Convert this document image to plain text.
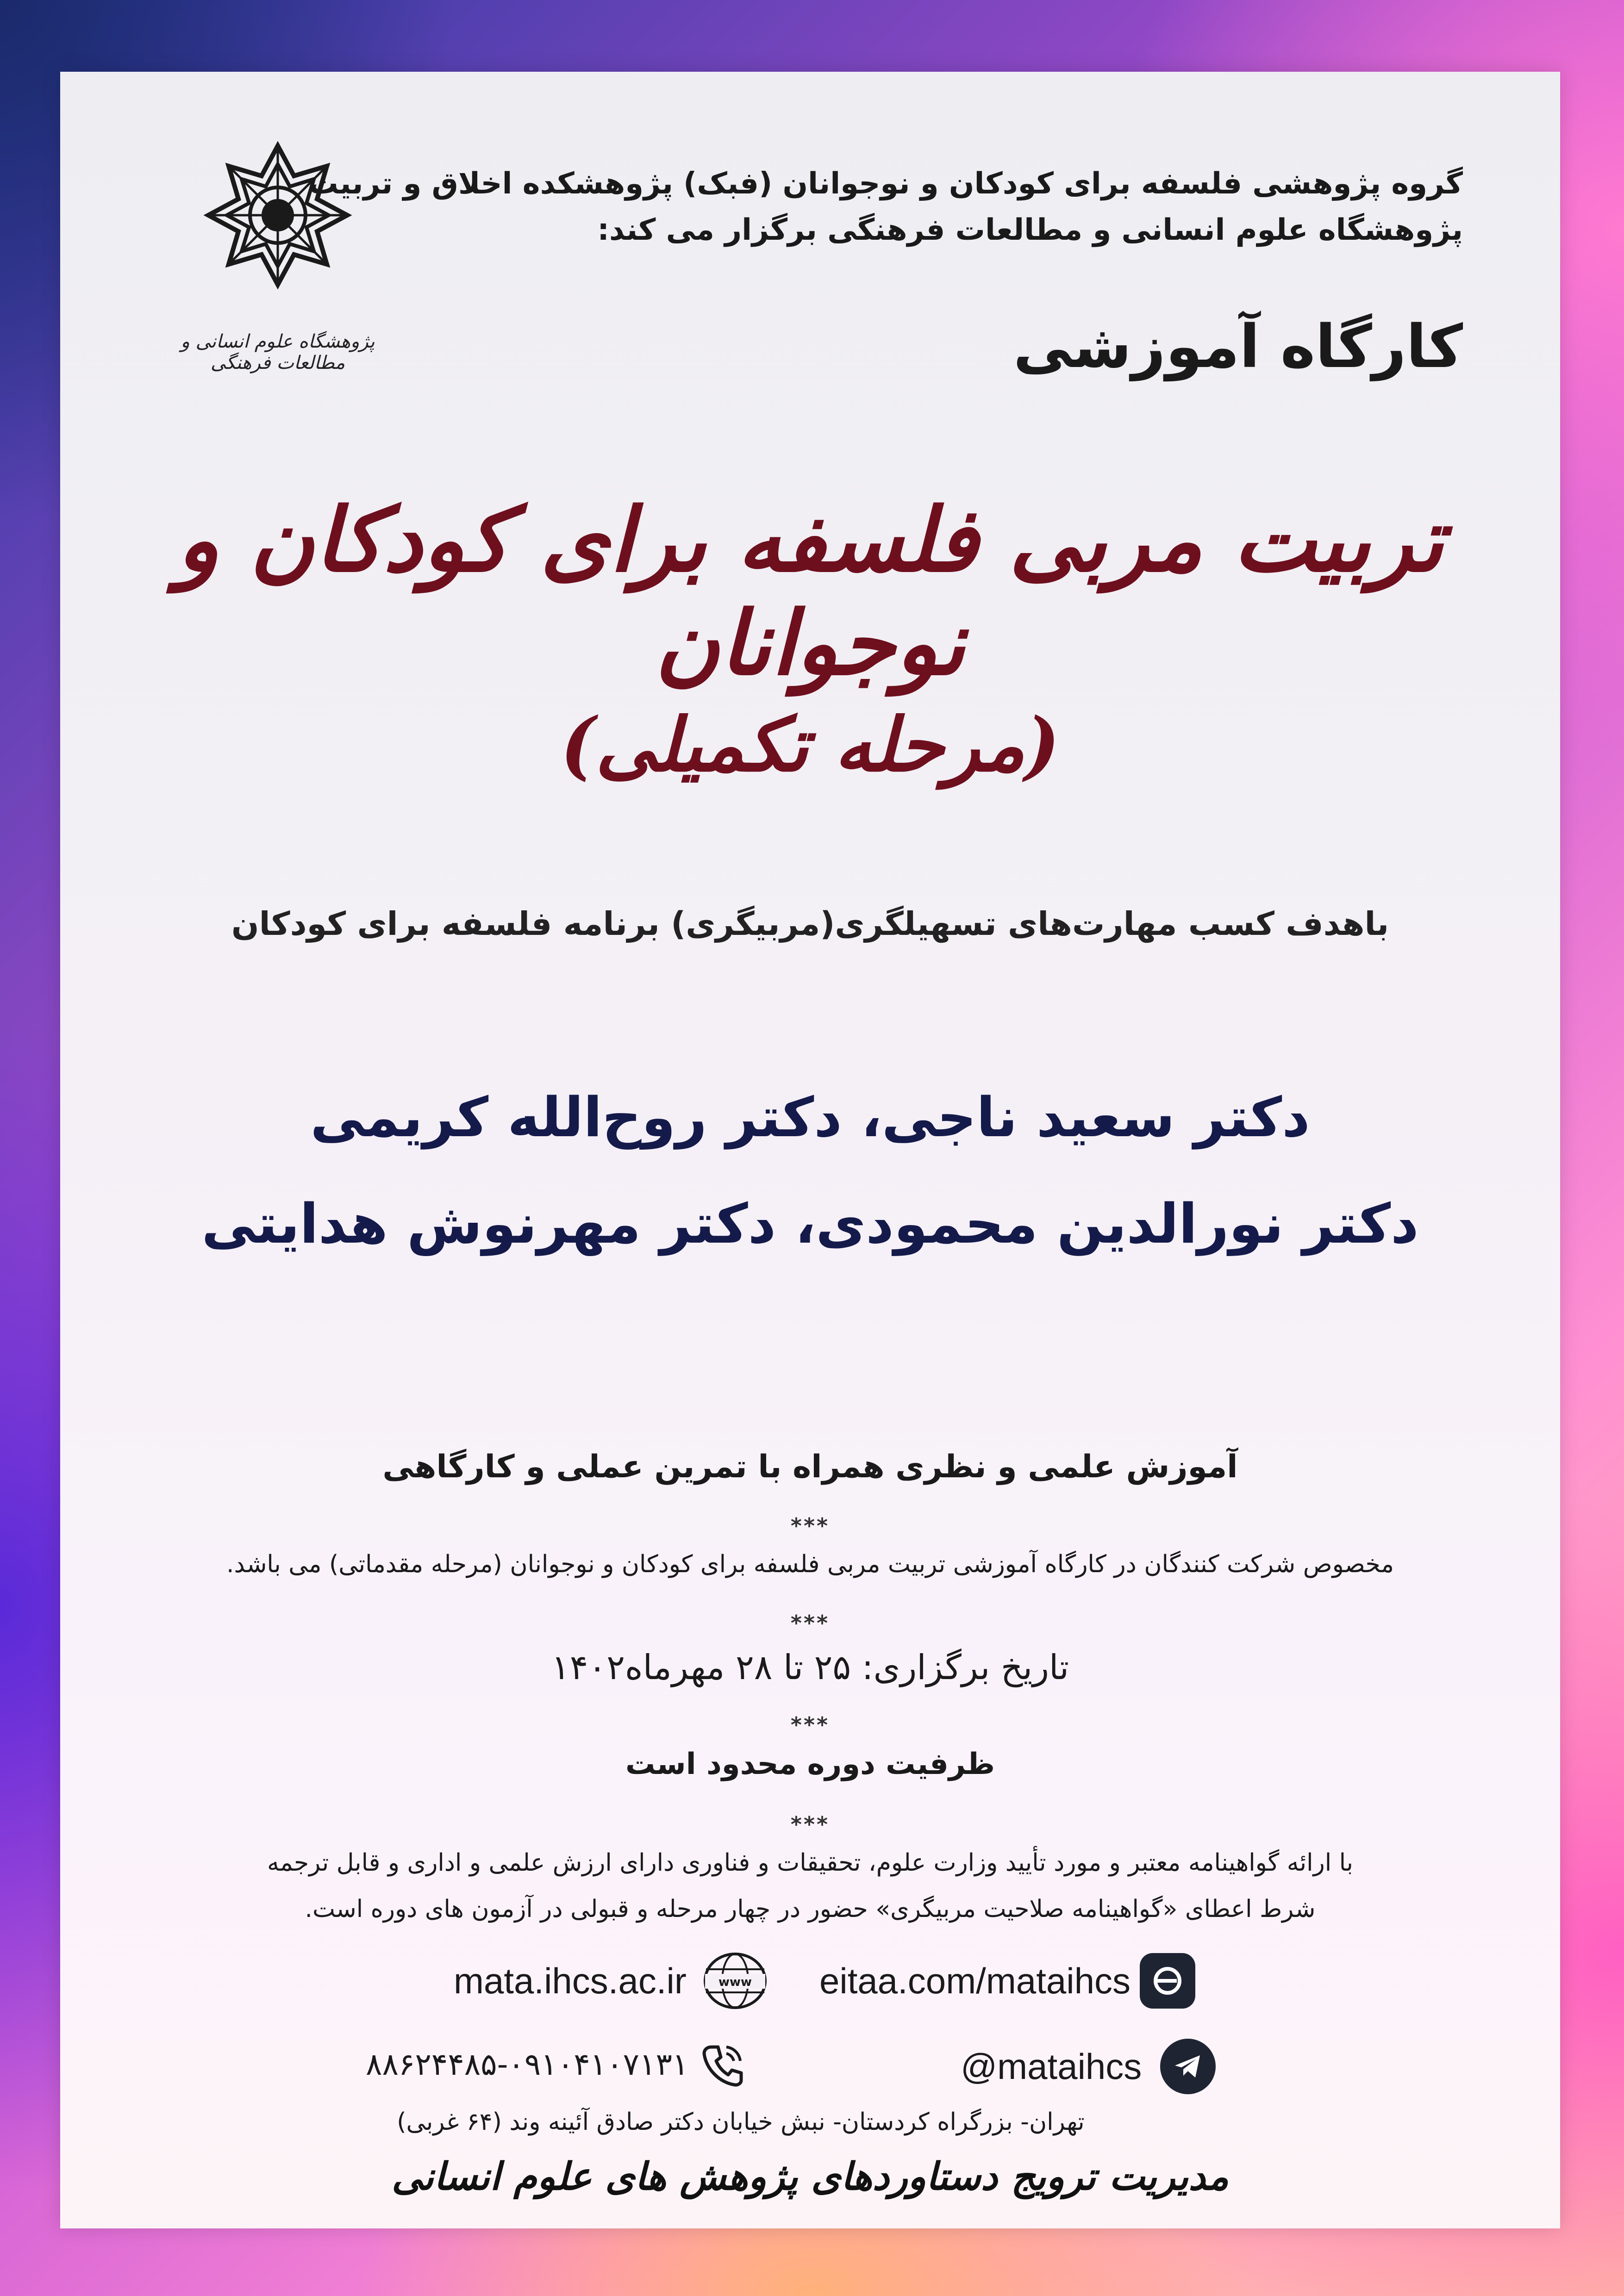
پژوهشگاه علوم انسانی و مطالعات فرهنگی
گروه پژوهشی فلسفه برای کودکان و نوجوانان (فبک) پژوهشکده اخلاق و تربیت
پژوهشگاه علوم انسانی و مطالعات فرهنگی برگزار می کند:
کارگاه آموزشی
تربیت مربی فلسفه برای کودکان و نوجوانان
(مرحله تکمیلی)
باهدف کسب مهارت‌های تسهیلگری(مربیگری) برنامه فلسفه برای کودکان
دکتر سعید ناجی، دکتر روح‌الله کریمی
دکتر نورالدین محمودی، دکتر مهرنوش هدایتی
آموزش علمی و نظری همراه با تمرین عملی و کارگاهی
***
مخصوص شرکت کنندگان در کارگاه آموزشی تربیت مربی فلسفه برای کودکان و نوجوانان (مرحله مقدماتی) می باشد.
***
تاریخ برگزاری: ۲۵ تا ۲۸ مهرماه۱۴۰۲
***
ظرفیت دوره محدود است
***
با ارائه گواهینامه معتبر و مورد تأیید وزارت علوم، تحقیقات و فناوری دارای ارزش علمی و اداری و قابل ترجمه
شرط اعطای «گواهینامه صلاحیت مربیگری» حضور در چهار مرحله و قبولی در آزمون های دوره است.
mata.ihcs.ac.ir	www eitaa.com/mataihcs
۸۸۶۲۴۴۸۵-۰۹۱۰۴۱۰۷۱۳۱	@mataihcs
تهران- بزرگراه کردستان- نبش خیابان دکتر صادق آئینه وند (۶۴ غربی)
مدیریت ترویج دستاوردهای پژوهش های علوم انسانی
